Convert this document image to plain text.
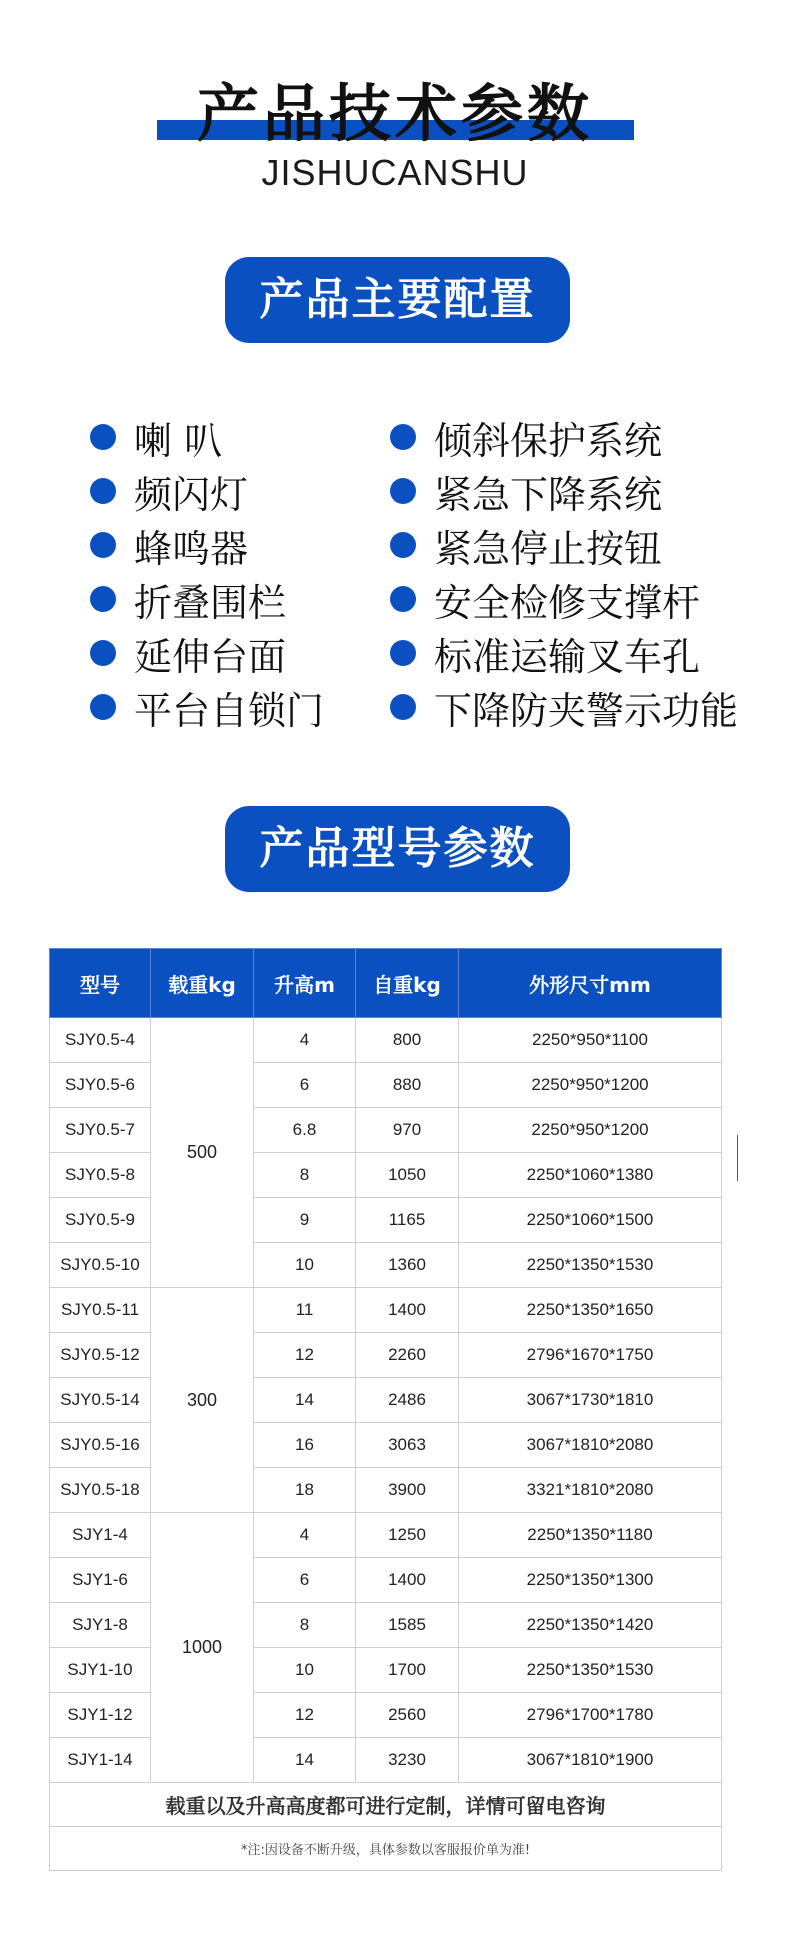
产品技术参数
JISHUCANSHU
产品主要配置
喇 叭
频闪灯
蜂鸣器
折叠围栏
延伸台面
平台自锁门
倾斜保护系统
紧急下降系统
紧急停止按钮
安全检修支撑杆
标准运输叉车孔
下降防夹警示功能
产品型号参数
型号	载重kg	升高m	自重kg	外形尺寸mm
SJY0.5-4	500	4	800	2250*950*1100
SJY0.5-6		6	880	2250*950*1200
SJY0.5-7		6.8	970	2250*950*1200
SJY0.5-8		8	1050	2250*1060*1380
SJY0.5-9		9	1165	2250*1060*1500
SJY0.5-10		10	1360	2250*1350*1530
SJY0.5-11	300	11	1400	2250*1350*1650
SJY0.5-12		12	2260	2796*1670*1750
SJY0.5-14		14	2486	3067*1730*1810
SJY0.5-16		16	3063	3067*1810*2080
SJY0.5-18		18	3900	3321*1810*2080
SJY1-4	1000	4	1250	2250*1350*1180
SJY1-6		6	1400	2250*1350*1300
SJY1-8		8	1585	2250*1350*1420
SJY1-10		10	1700	2250*1350*1530
SJY1-12		12	2560	2796*1700*1780
SJY1-14		14	3230	3067*1810*1900
载重以及升高高度都可进行定制，详情可留电咨询				
*注:因设备不断升级，具体参数以客服报价单为准!				
